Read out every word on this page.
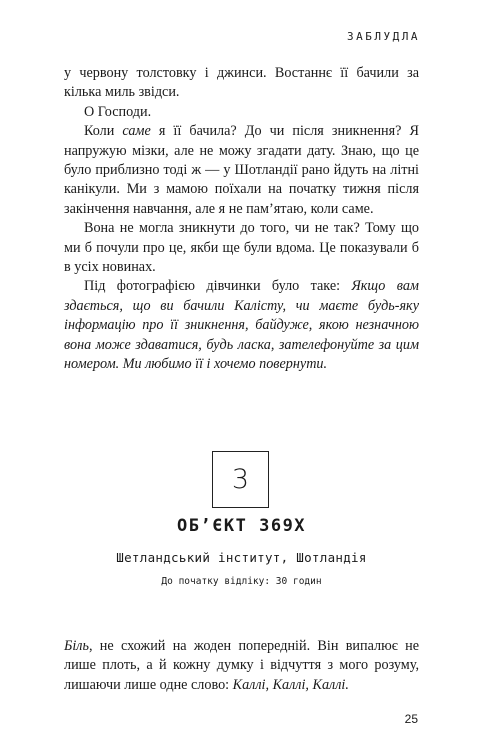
ЗАБЛУДЛА

у червону толстовку і джинси. Востаннє її бачили за кілька миль звідси.

О Господи.

Коли саме я її бачила? До чи після зникнення? Я напружую мізки, але не можу згадати дату. Знаю, що це було приблизно тоді ж — у Шотландії рано йдуть на літні канікули. Ми з мамою поїхали на початку тижня після закінчення навчання, але я не пам’ятаю, коли саме.

Вона не могла зникнути до того, чи не так? Тому що ми б почули про це, якби ще були вдома. Це показували б в усіх новинах.

Під фотографією дівчинки було таке: Якщо вам здається, що ви бачили Калісту, чи маєте будь-яку інформацію про її зникнення, байдуже, якою незначною вона може здаватися, будь ласка, зателефонуйте за цим номером. Ми любимо її і хочемо повернути.

3
ОБ’ЄКТ 369Х
Шетландський інститут, Шотландія
До початку відліку: 30 годин

Біль, не схожий на жоден попередній. Він випалює не лише плоть, а й кожну думку і відчуття з мого розуму, лишаючи лише одне слово: Каллі, Каллі, Каллі.

25
